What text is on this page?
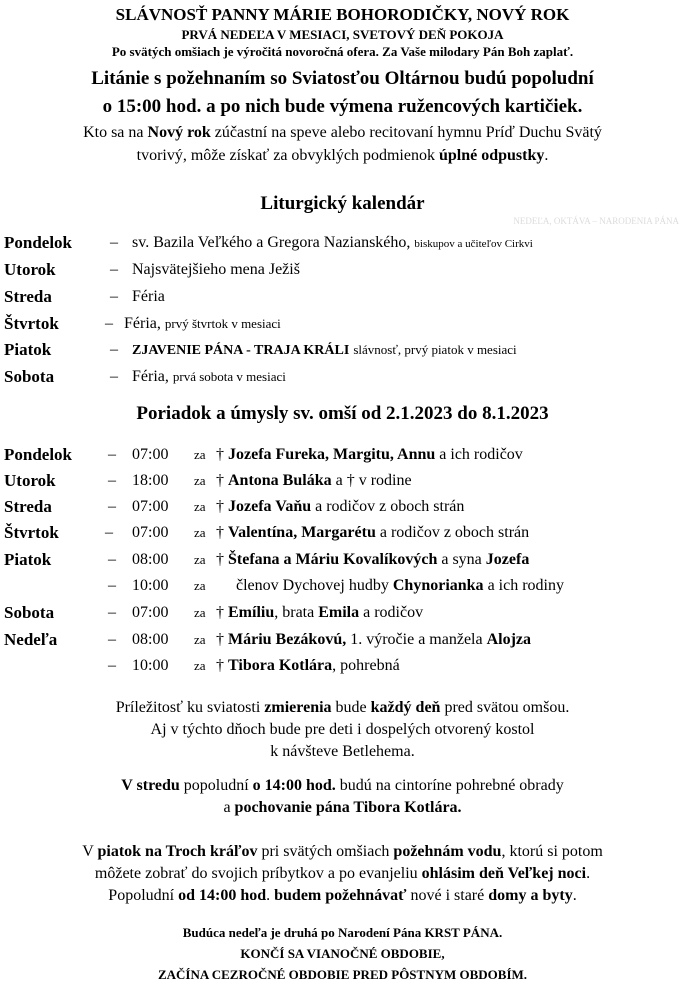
SLÁVNOSŤ PANNY MÁRIE BOHORODIČKY, NOVÝ ROK
PRVÁ NEDEĽA V MESIACI, SVETOVÝ DEŇ POKOJA
Po svätých omšiach je výročitá novoročná ofera. Za Vaše milodary Pán Boh zaplať.
Litánie s požehnaním so Sviatosťou Oltárnou budú popoludní
o 15:00 hod. a po nich bude výmena ružencových kartičiek.
Kto sa na Nový rok zúčastní na speve alebo recitovaní hymnu Príď Duchu Svätý
tvorivý, môže získať za obvyklých podmienok úplné odpustky.
Liturgický kalendár
NEDEĽA, OKTÁVA – NARODENIA PÁNA
Pondelok – sv. Bazila Veľkého a Gregora Nazianského, biskupov a učiteľov Cirkvi
Utorok	– Najsvätejšieho mena Ježiš
Streda	– Féria
Štvrtok	– Féria, prvý štvrtok v mesiaci
Piatok	– ZJAVENIE PÁNA - TRAJA KRÁLI slávnosť, prvý piatok v mesiaci
Sobota	– Féria, prvá sobota v mesiaci
Poriadok a úmysly sv. omší od 2.1.2023 do 8.1.2023
Pondelok – 07:00 za † Jozefa Fureka, Margitu, Annu a ich rodičov
Utorok	– 18:00 za † Antona Buláka a † v rodine
Streda	– 07:00 za † Jozefa Vaňu a rodičov z oboch strán
Štvrtok	– 07:00 za † Valentína, Margarétu a rodičov z oboch strán
Piatok	– 08:00 za † Štefana a Máriu Kovalíkových a syna Jozefa
– 10:00 za členov Dychovej hudby Chynorianka a ich rodiny
Sobota	– 07:00 za † Emíliu, brata Emila a rodičov
Nedeľa	– 08:00 za † Máriu Bezákovú, 1. výročie a manžela Alojza
– 10:00 za † Tibora Kotlára, pohrebná
Príležitosť ku sviatosti zmierenia bude každý deň pred svätou omšou.
Aj v týchto dňoch bude pre deti i dospelých otvorený kostol
k návšteve Betlehema.
V stredu popoludní o 14:00 hod. budú na cintoríne pohrebné obrady
a pochovanie pána Tibora Kotlára.
V piatok na Troch kráľov pri svätých omšiach požehnám vodu, ktorú si potom
môžete zobrať do svojich príbytkov a po evanjeliu ohlásim deň Veľkej noci.
Popoludní od 14:00 hod. budem požehnávať nové i staré domy a byty.
Budúca nedeľa je druhá po Narodení Pána KRST PÁNA.
KONČÍ SA VIANOČNÉ OBDOBIE,
ZAČÍNA CEZROČNÉ OBDOBIE PRED PÔSTNYM OBDOBÍM.
